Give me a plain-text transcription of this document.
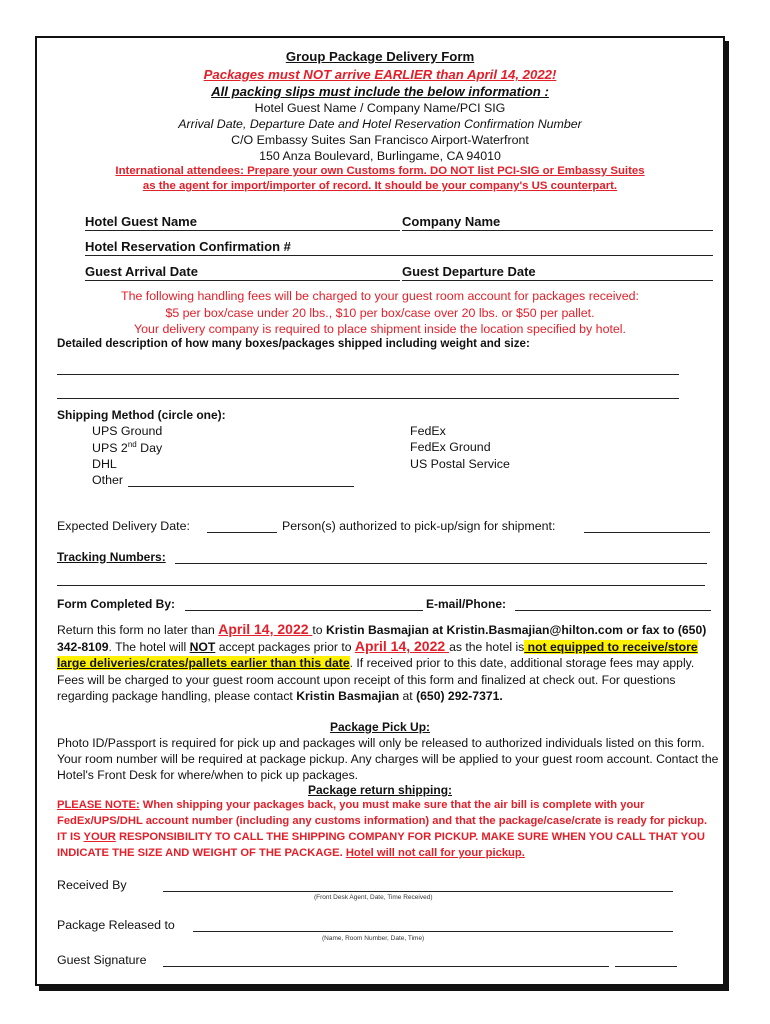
Group Package Delivery Form
Packages must NOT arrive EARLIER than April 14, 2022!
All packing slips must include the below information :
Hotel Guest Name / Company Name/PCI SIG
Arrival Date, Departure Date and Hotel Reservation Confirmation Number
C/O Embassy Suites San Francisco Airport-Waterfront
150 Anza Boulevard, Burlingame, CA 94010
International attendees: Prepare your own Customs form. DO NOT list PCI-SIG or Embassy Suites
as the agent for import/importer of record. It should be your company's US counterpart.
Hotel Guest Name	Company Name
Hotel Reservation Confirmation #
Guest Arrival Date	Guest Departure Date
The following handling fees will be charged to your guest room account for packages received:
$5 per box/case under 20 lbs., $10 per box/case over 20 lbs. or $50 per pallet.
Your delivery company is required to place shipment inside the location specified by hotel.
Detailed description of how many boxes/packages shipped including weight and size:
Shipping Method (circle one):
UPS Ground
UPS 2nd Day
DHL
Other
FedEx
FedEx Ground
US Postal Service
Expected Delivery Date:	Person(s) authorized to pick-up/sign for shipment:
Tracking Numbers:
Form Completed By:	E-mail/Phone:
Return this form no later than April 14, 2022 to Kristin Basmajian at Kristin.Basmajian@hilton.com or fax to (650) 342-8109. The hotel will NOT accept packages prior to April 14, 2022 as the hotel is not equipped to receive/store large deliveries/crates/pallets earlier than this date. If received prior to this date, additional storage fees may apply. Fees will be charged to your guest room account upon receipt of this form and finalized at check out. For questions regarding package handling, please contact Kristin Basmajian at (650) 292-7371.
Package Pick Up:
Photo ID/Passport is required for pick up and packages will only be released to authorized individuals listed on this form. Your room number will be required at package pickup. Any charges will be applied to your guest room account. Contact the Hotel's Front Desk for where/when to pick up packages.
Package return shipping:
PLEASE NOTE: When shipping your packages back, you must make sure that the air bill is complete with your FedEx/UPS/DHL account number (including any customs information) and that the package/case/crate is ready for pickup. IT IS YOUR RESPONSIBILITY TO CALL THE SHIPPING COMPANY FOR PICKUP. MAKE SURE WHEN YOU CALL THAT YOU INDICATE THE SIZE AND WEIGHT OF THE PACKAGE. Hotel will not call for your pickup.
Received By
(Front Desk Agent, Date, Time Received)
Package Released to
(Name, Room Number, Date, Time)
Guest Signature
